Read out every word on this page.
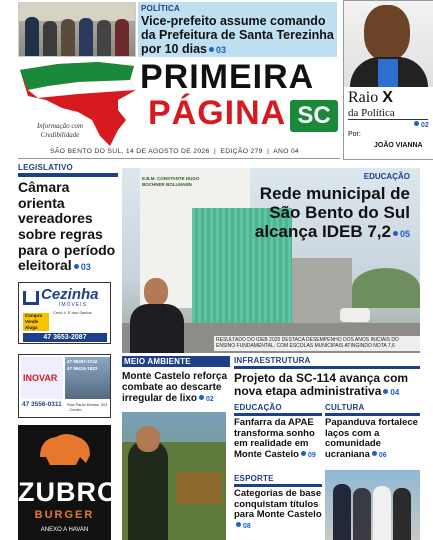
POLÍTICA
Vice-prefeito assume comando da Prefeitura de Santa Terezinha por 10 dias 03
Raio X
da Política
02
Por:
JOÃO VIANNA
Informação com
Credibilidade
PRIMEIRA
PÁGINA SC
SÃO BENTO DO SUL, 14 DE AGOSTO DE 2026  |  EDIÇÃO 279  |  ANO 04
LEGISLATIVO
Câmara orienta vereadores sobre regras para o período eleitoral 03
Cezinha
IMÓVEIS
Creci 4. E dos Santos
Compra
Vende
Aluga
47 3653-2087
INOVAR
47 98497-2742
47 98415-1823
47 3556-0311 Rua Paulo Klesse, 361 - Centro
ZUBRO
BURGER
ANEXO A HAVAN
E.B.M. CONSTANTE HUGO
BOCHNER BOLLMANN
EDUCAÇÃO
Rede municipal de São Bento do Sul alcança IDEB 7,2 05
RESULTADO DO IDEB 2025 DESTACA DESEMPENHO DOS ANOS INICIAIS DO ENSINO FUNDAMENTAL, COM ESCOLAS MUNICIPAIS ATINGINDO NOTA 7,6
MEIO AMBIENTE
Monte Castelo reforça combate ao descarte irregular de lixo 02
INFRAESTRUTURA
Projeto da SC-114 avança com nova etapa administrativa 04
EDUCAÇÃO
Fanfarra da APAE transforma sonho em realidade em Monte Castelo 09
CULTURA
Papanduva fortalece laços com a comunidade ucraniana 06
ESPORTE
Categorias de base conquistam títulos para Monte Castelo08
